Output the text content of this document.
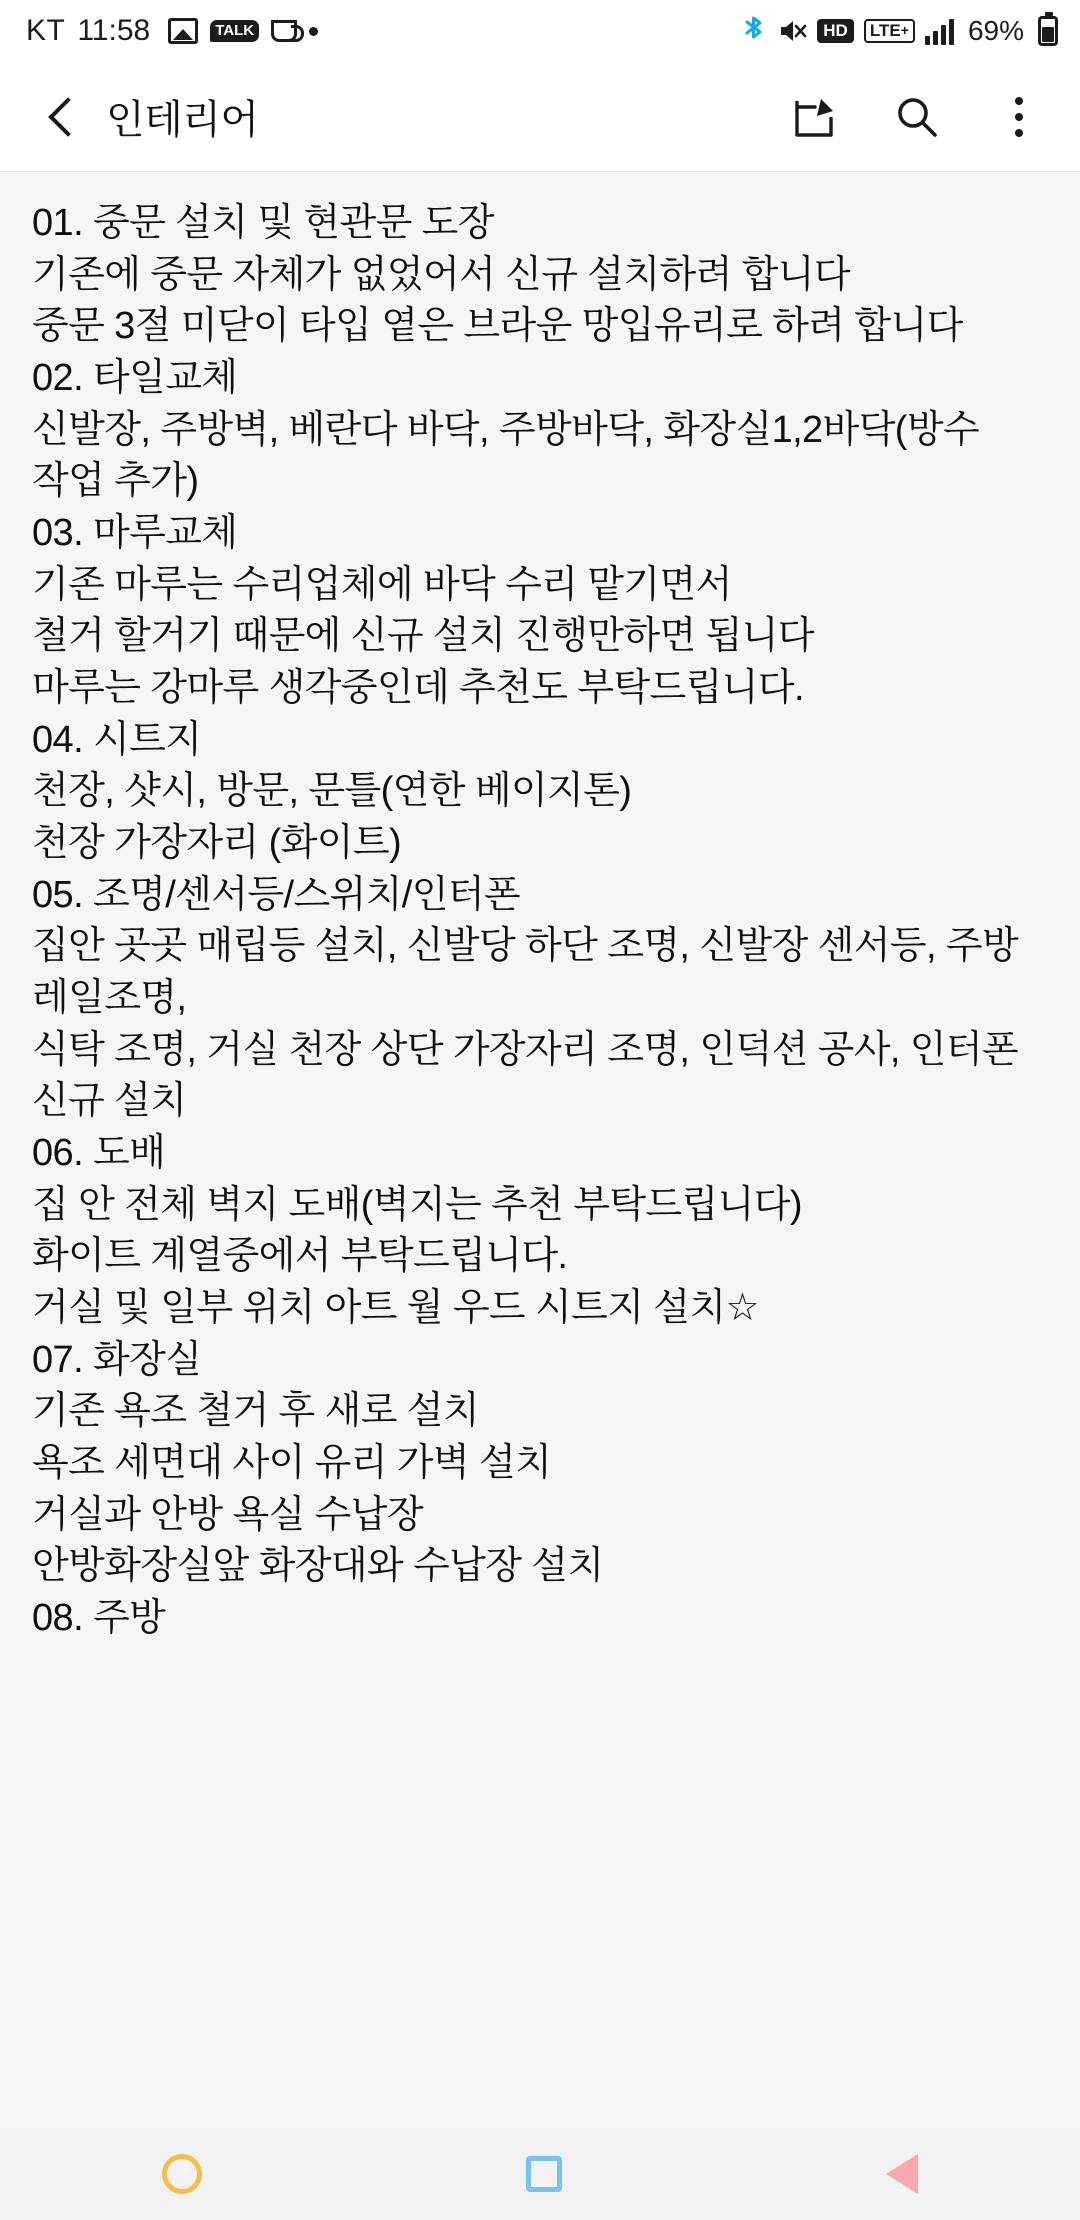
KT 11:58	TALK	HD	LTE + 69%
인테리어
01. 중문 설치 및 현관문 도장
기존에 중문 자체가 없었어서 신규 설치하려 합니다
중문 3절 미닫이 타입 옅은 브라운 망입유리로 하려 합니다
02. 타일교체
신발장, 주방벽, 베란다 바닥, 주방바닥, 화장실1,2바닥(방수 작업 추가)
03. 마루교체
기존 마루는 수리업체에 바닥 수리 맡기면서
철거 할거기 때문에 신규 설치 진행만하면 됩니다
마루는 강마루 생각중인데 추천도 부탁드립니다.
04. 시트지
천장, 샷시, 방문, 문틀(연한 베이지톤)
천장 가장자리 (화이트)
05. 조명/센서등/스위치/인터폰
집안 곳곳 매립등 설치, 신발당 하단 조명, 신발장 센서등, 주방 레일조명,
식탁 조명, 거실 천장 상단 가장자리 조명, 인덕션 공사, 인터폰 신규 설치
06. 도배
집 안 전체 벽지 도배(벽지는 추천 부탁드립니다)
화이트 계열중에서 부탁드립니다.
거실 및 일부 위치 아트 월 우드 시트지 설치☆
07. 화장실
기존 욕조 철거 후 새로 설치
욕조 세면대 사이 유리 가벽 설치
거실과 안방 욕실 수납장
안방화장실앞 화장대와 수납장 설치
08. 주방
